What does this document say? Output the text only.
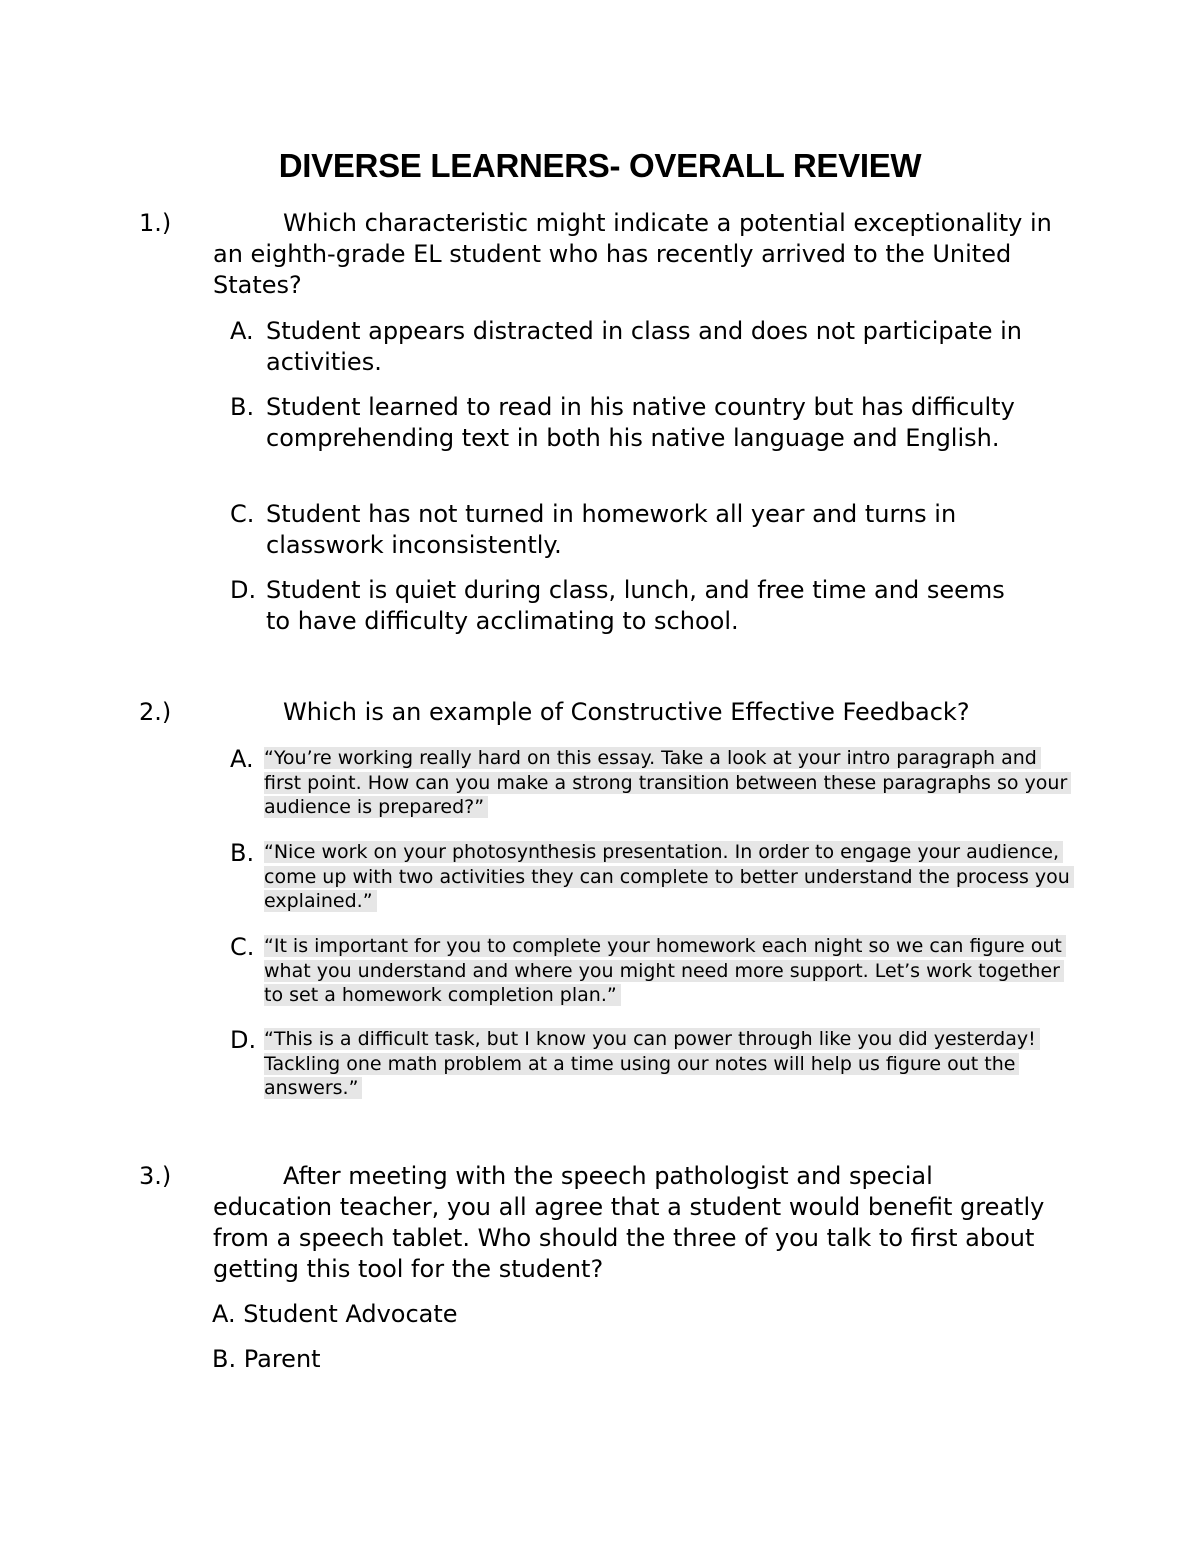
DIVERSE LEARNERS- OVERALL REVIEW
1.)	Which characteristic might indicate a potential exceptionality in an eighth-grade EL student who has recently arrived to the United States?
A. Student appears distracted in class and does not participate in activities.
B. Student learned to read in his native country but has difficulty comprehending text in both his native language and English.
C. Student has not turned in homework all year and turns in classwork inconsistently.
D. Student is quiet during class, lunch, and free time and seems to have difficulty acclimating to school.
2.)	Which is an example of Constructive Effective Feedback?
A. “You’re working really hard on this essay. Take a look at your intro paragraph and first point. How can you make a strong transition between these paragraphs so your audience is prepared?”
B. “Nice work on your photosynthesis presentation. In order to engage your audience, come up with two activities they can complete to better understand the process you explained.”
C. “It is important for you to complete your homework each night so we can figure out what you understand and where you might need more support. Let’s work together to set a homework completion plan.”
D. “This is a difficult task, but I know you can power through like you did yesterday! Tackling one math problem at a time using our notes will help us figure out the answers.”
3.)	After meeting with the speech pathologist and special education teacher, you all agree that a student would benefit greatly from a speech tablet. Who should the three of you talk to first about getting this tool for the student?
A. Student Advocate
B. Parent
